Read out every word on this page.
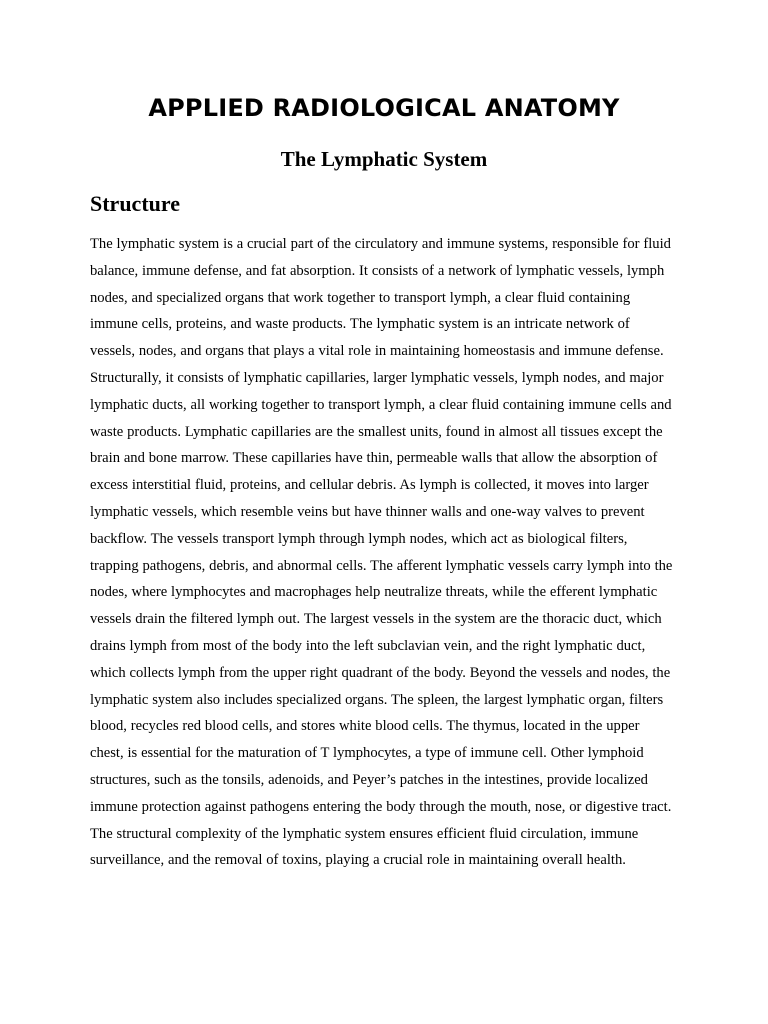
APPLIED RADIOLOGICAL ANATOMY
The Lymphatic System
Structure

The lymphatic system is a crucial part of the circulatory and immune systems, responsible for fluid balance, immune defense, and fat absorption. It consists of a network of lymphatic vessels, lymph nodes, and specialized organs that work together to transport lymph, a clear fluid containing immune cells, proteins, and waste products. The lymphatic system is an intricate network of vessels, nodes, and organs that plays a vital role in maintaining homeostasis and immune defense. Structurally, it consists of lymphatic capillaries, larger lymphatic vessels, lymph nodes, and major lymphatic ducts, all working together to transport lymph, a clear fluid containing immune cells and waste products. Lymphatic capillaries are the smallest units, found in almost all tissues except the brain and bone marrow. These capillaries have thin, permeable walls that allow the absorption of excess interstitial fluid, proteins, and cellular debris. As lymph is collected, it moves into larger lymphatic vessels, which resemble veins but have thinner walls and one-way valves to prevent backflow. The vessels transport lymph through lymph nodes, which act as biological filters, trapping pathogens, debris, and abnormal cells. The afferent lymphatic vessels carry lymph into the nodes, where lymphocytes and macrophages help neutralize threats, while the efferent lymphatic vessels drain the filtered lymph out. The largest vessels in the system are the thoracic duct, which drains lymph from most of the body into the left subclavian vein, and the right lymphatic duct, which collects lymph from the upper right quadrant of the body. Beyond the vessels and nodes, the lymphatic system also includes specialized organs. The spleen, the largest lymphatic organ, filters blood, recycles red blood cells, and stores white blood cells. The thymus, located in the upper chest, is essential for the maturation of T lymphocytes, a type of immune cell. Other lymphoid structures, such as the tonsils, adenoids, and Peyer’s patches in the intestines, provide localized immune protection against pathogens entering the body through the mouth, nose, or digestive tract. The structural complexity of the lymphatic system ensures efficient fluid circulation, immune surveillance, and the removal of toxins, playing a crucial role in maintaining overall health.
